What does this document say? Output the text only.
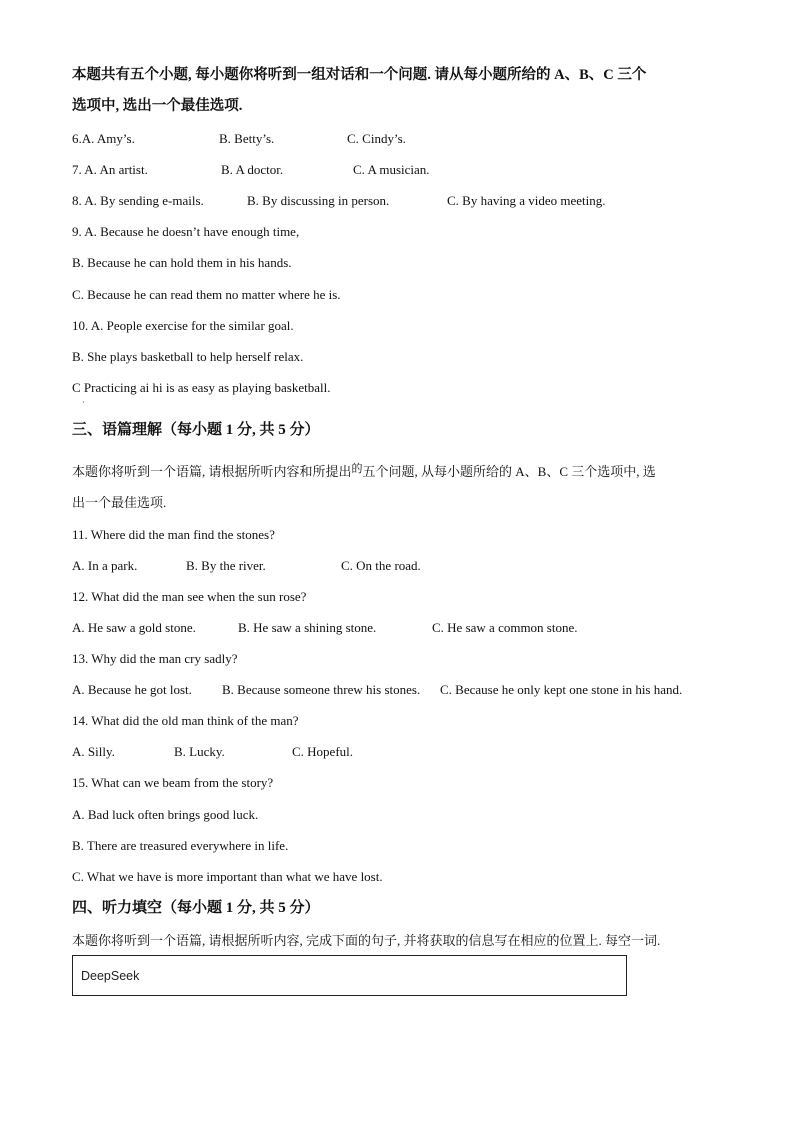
本题共有五个小题, 每小题你将听到一组对话和一个问题. 请从每小题所给的 A、B、C 三个
选项中, 选出一个最佳选项.
6.A. Amy’s.	B. Betty’s.	C. Cindy’s.
7. A. An artist.	B. A doctor.	C. A musician.
8. A. By sending e-mails.	B. By discussing in person.	C. By having a video meeting.
9. A. Because he doesn’t have enough time,
B. Because he can hold them in his hands.
C. Because he can read them no matter where he is.
10. A. People exercise for the similar goal.
B. She plays basketball to help herself relax.
C Practicing ai hi is as easy as playing basketball.
·
三、语篇理解（每小题 1 分, 共 5 分）
本题你将听到一个语篇, 请根据所听内容和所提出$^的$五个问题, 从每小题所给的 A、B、C 三个选项中, 选
出一个最佳选项.
11. Where did the man find the stones?
A. In a park.	B. By the river.	C. On the road.
12. What did the man see when the sun rose?
A. He saw a gold stone.	B. He saw a shining stone.	C. He saw a common stone.
13. Why did the man cry sadly?
A. Because he got lost. B. Because someone threw his stones. C. Because he only kept one stone in his hand.
14. What did the old man think of the man?
A. Silly.	B. Lucky.	C. Hopeful.
15. What can we beam from the story?
A. Bad luck often brings good luck.
B. There are treasured everywhere in life.
C. What we have is more important than what we have lost.
四、听力填空（每小题 1 分, 共 5 分）
本题你将听到一个语篇, 请根据所听内容, 完成下面的句子, 并将获取的信息写在相应的位置上. 每空一词.
DeepSeek
